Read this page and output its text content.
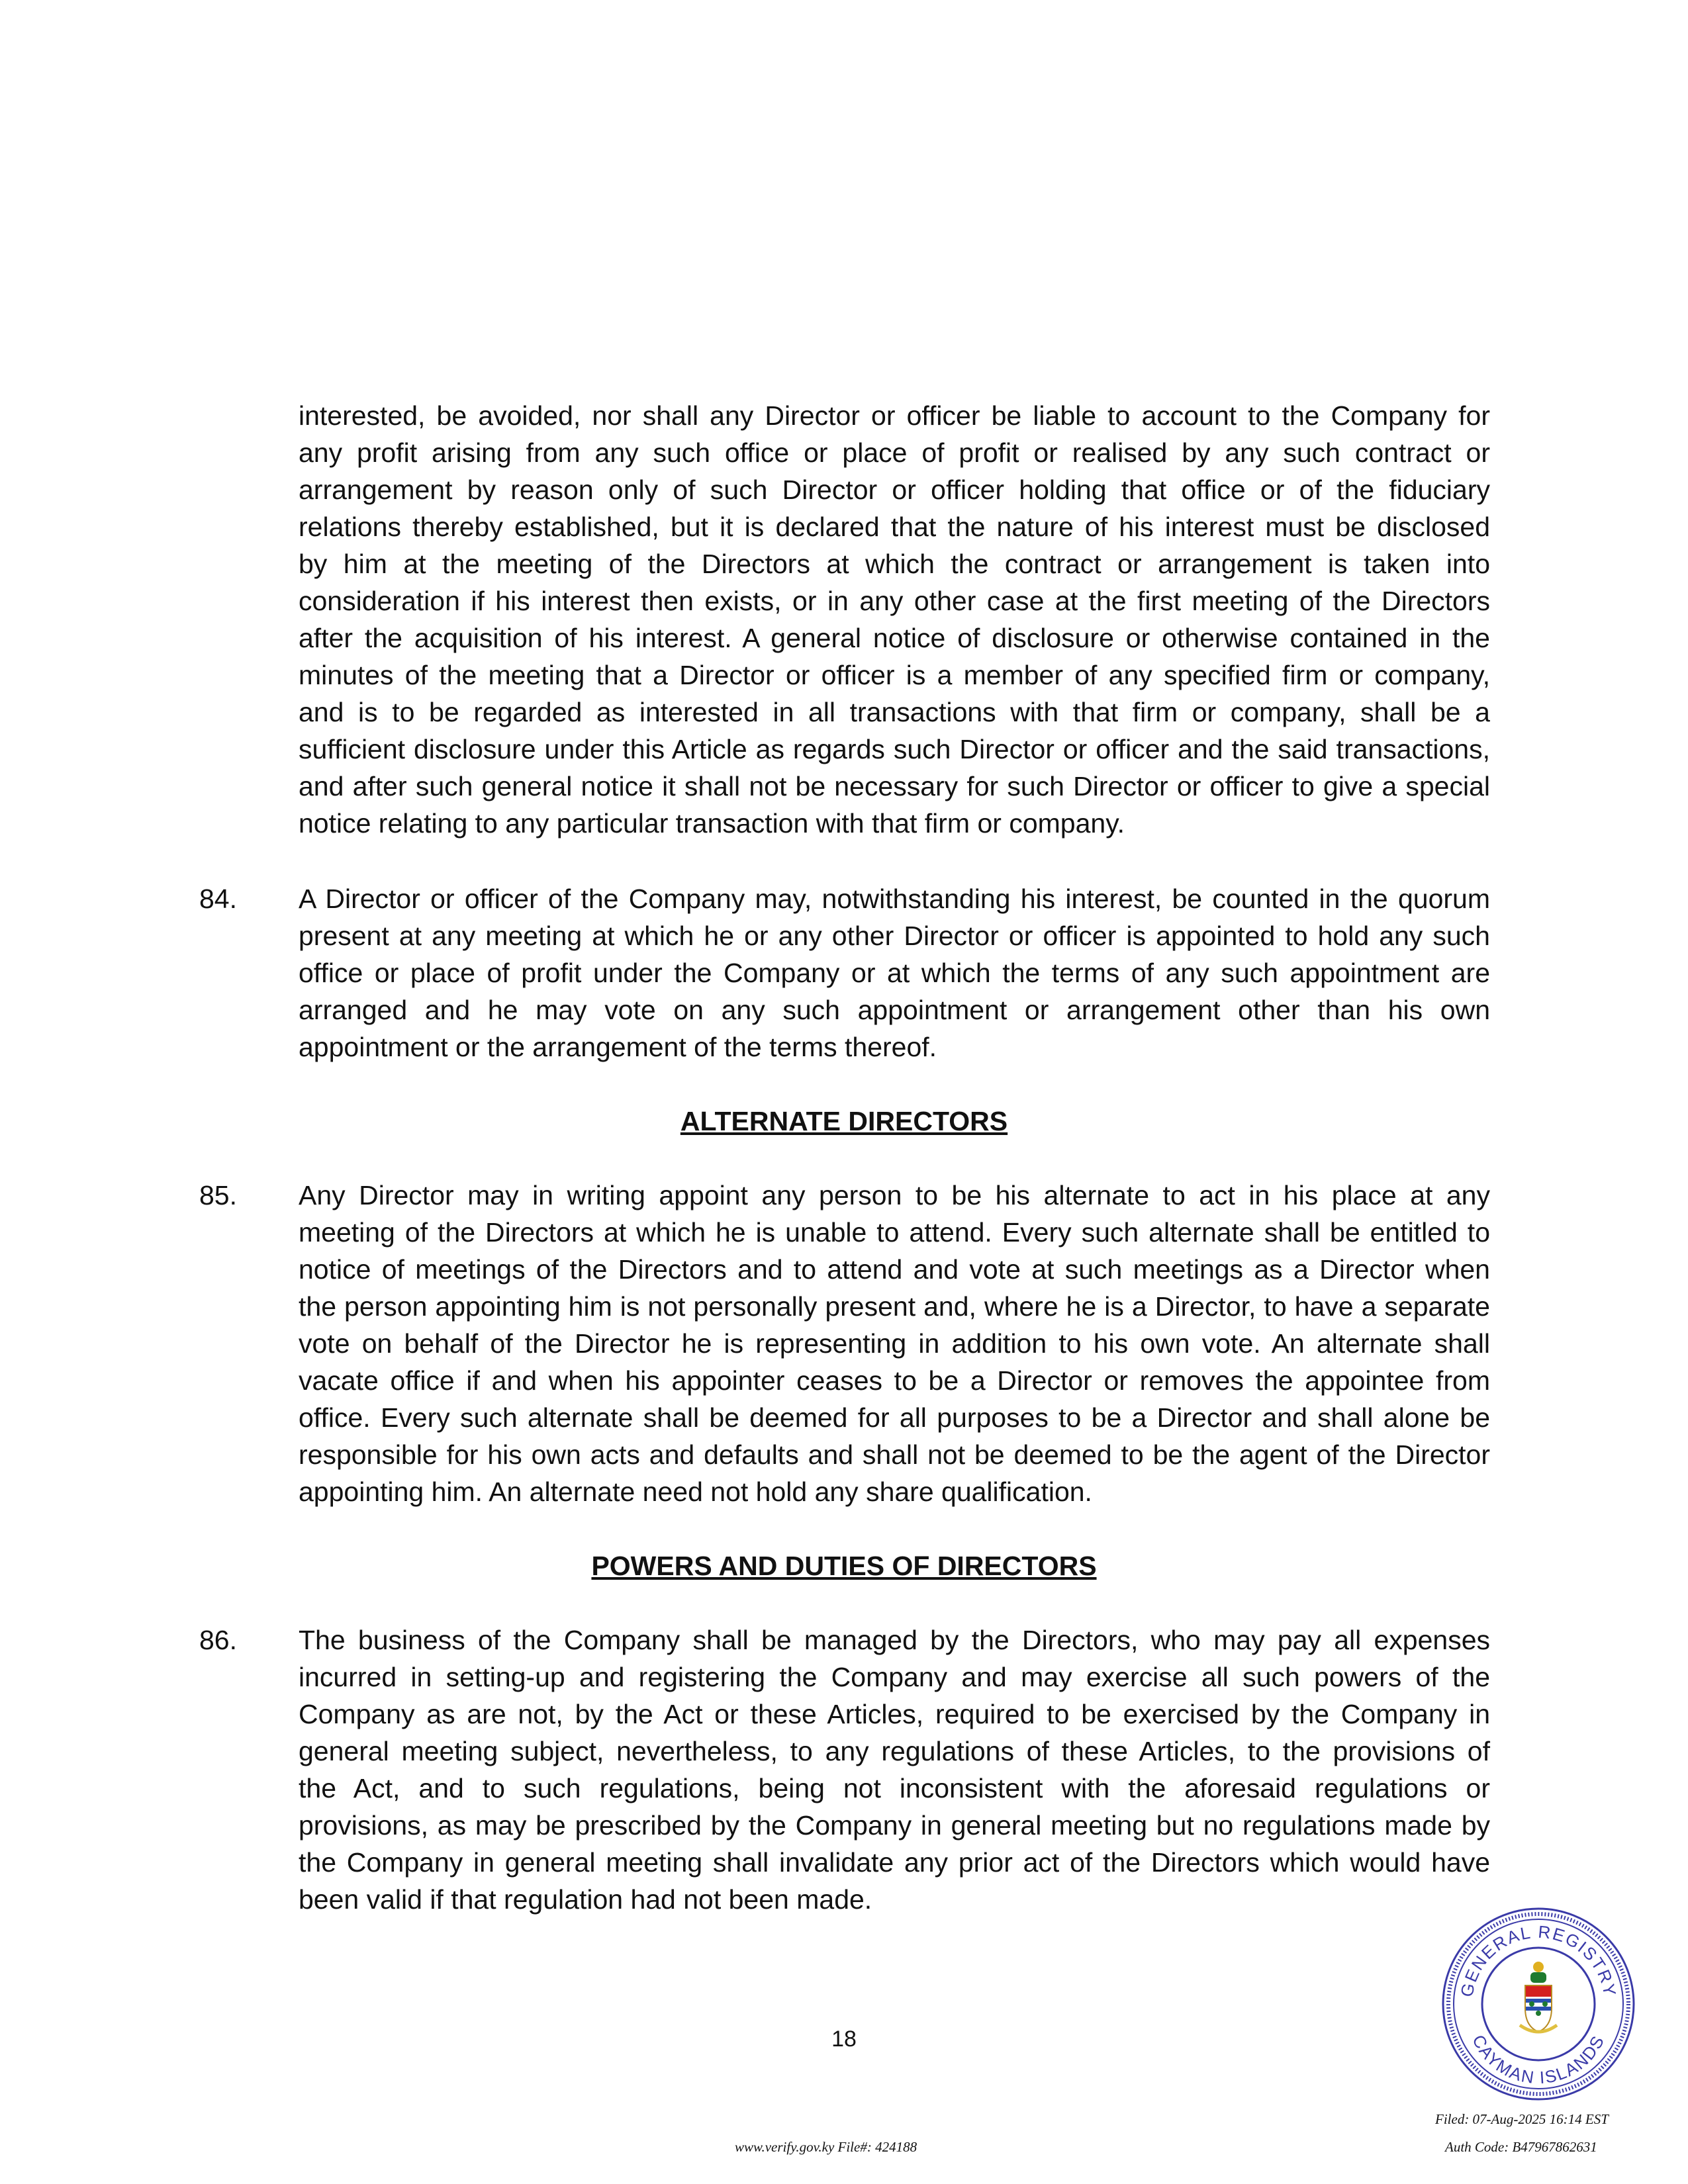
interested, be avoided, nor shall any Director or officer be liable to account to the Company for
any profit arising from any such office or place of profit or realised by any such contract or
arrangement by reason only of such Director or officer holding that office or of the fiduciary
relations thereby established, but it is declared that the nature of his interest must be disclosed
by him at the meeting of the Directors at which the contract or arrangement is taken into
consideration if his interest then exists, or in any other case at the first meeting of the Directors
after the acquisition of his interest. A general notice of disclosure or otherwise contained in the
minutes of the meeting that a Director or officer is a member of any specified firm or company,
and is to be regarded as interested in all transactions with that firm or company, shall be a
sufficient disclosure under this Article as regards such Director or officer and the said transactions,
and after such general notice it shall not be necessary for such Director or officer to give a special
notice relating to any particular transaction with that firm or company.
84. A Director or officer of the Company may, notwithstanding his interest, be counted in the quorum
present at any meeting at which he or any other Director or officer is appointed to hold any such
office or place of profit under the Company or at which the terms of any such appointment are
arranged and he may vote on any such appointment or arrangement other than his own
appointment or the arrangement of the terms thereof.
ALTERNATE DIRECTORS
85. Any Director may in writing appoint any person to be his alternate to act in his place at any
meeting of the Directors at which he is unable to attend. Every such alternate shall be entitled to
notice of meetings of the Directors and to attend and vote at such meetings as a Director when
the person appointing him is not personally present and, where he is a Director, to have a separate
vote on behalf of the Director he is representing in addition to his own vote. An alternate shall
vacate office if and when his appointer ceases to be a Director or removes the appointee from
office. Every such alternate shall be deemed for all purposes to be a Director and shall alone be
responsible for his own acts and defaults and shall not be deemed to be the agent of the Director
appointing him. An alternate need not hold any share qualification.
POWERS AND DUTIES OF DIRECTORS
86. The business of the Company shall be managed by the Directors, who may pay all expenses
incurred in setting-up and registering the Company and may exercise all such powers of the
Company as are not, by the Act or these Articles, required to be exercised by the Company in
general meeting subject, nevertheless, to any regulations of these Articles, to the provisions of
the Act, and to such regulations, being not inconsistent with the aforesaid regulations or
provisions, as may be prescribed by the Company in general meeting but no regulations made by
the Company in general meeting shall invalidate any prior act of the Directors which would have
been valid if that regulation had not been made.
18
GENERAL REGISTRY
CAYMAN ISLANDS
www.verify.gov.ky File#: 424188
Filed: 07-Aug-2025 16:14 EST
Auth Code: B47967862631
